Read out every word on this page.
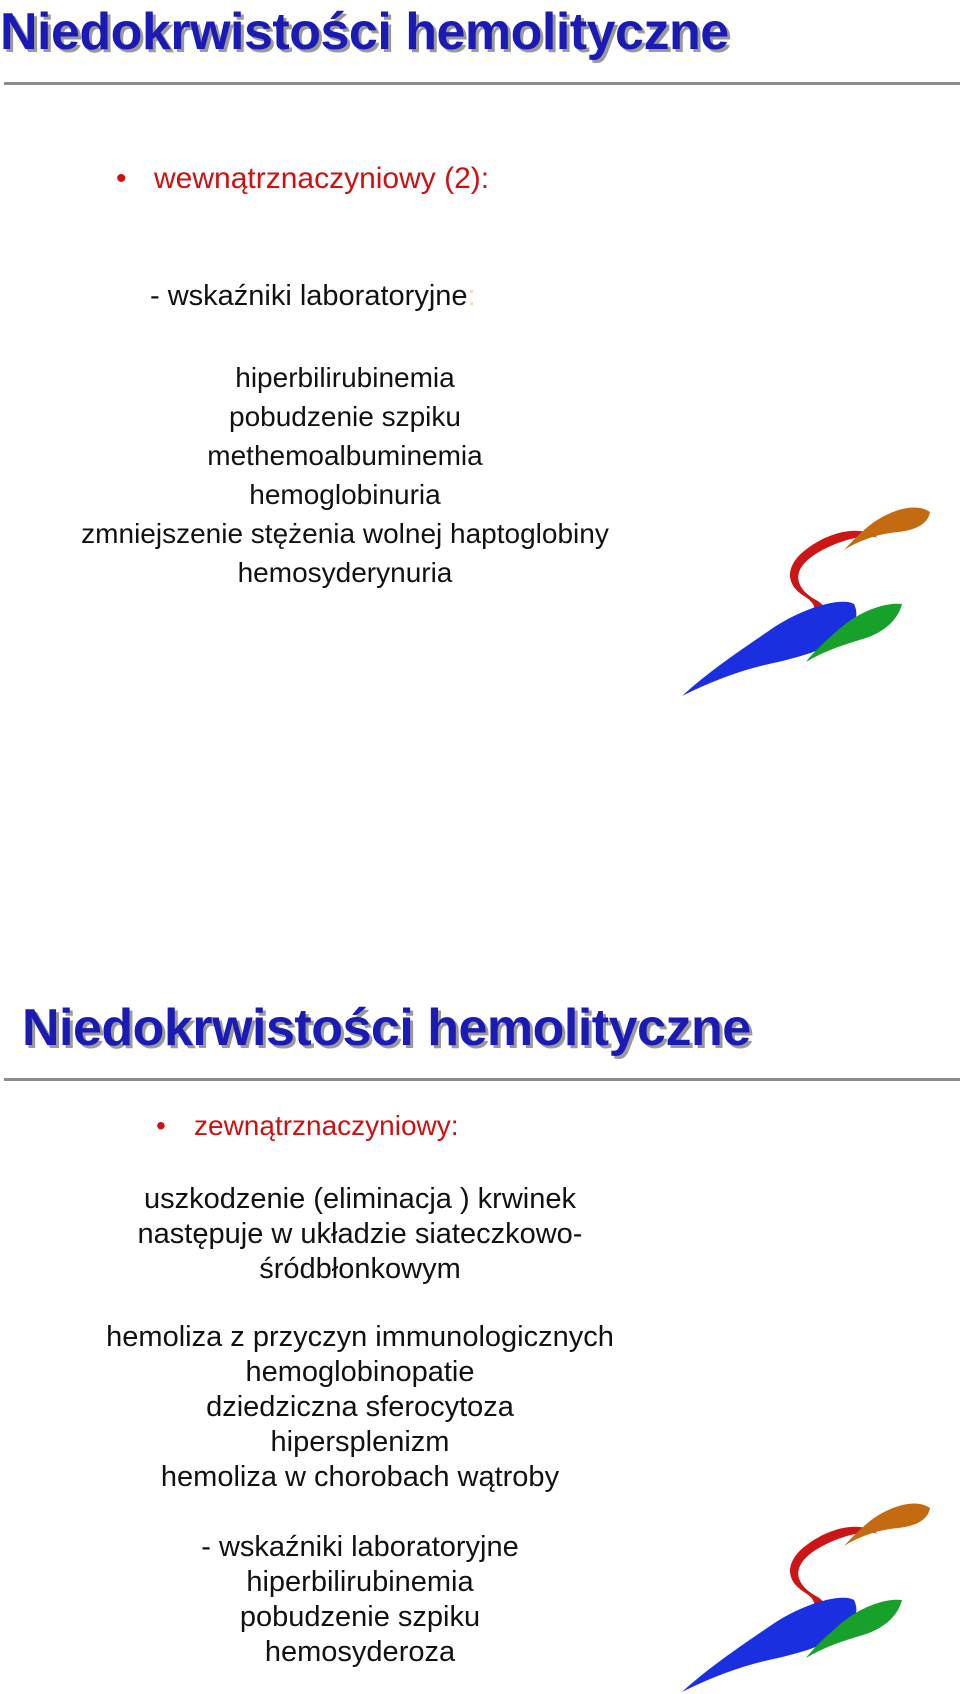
Niedokrwistości hemolityczne
• wewnątrznaczyniowy (2):
- wskaźniki laboratoryjne:
hiperbilirubinemia
pobudzenie szpiku
methemoalbuminemia
hemoglobinuria
zmniejszenie stężenia wolnej haptoglobiny
hemosyderynuria
Niedokrwistości hemolityczne
• zewnątrznaczyniowy:
uszkodzenie (eliminacja ) krwinek
następuje w układzie siateczkowo-
śródbłonkowym
hemoliza z przyczyn immunologicznych
hemoglobinopatie
dziedziczna sferocytoza
hipersplenizm
hemoliza w chorobach wątroby
- wskaźniki laboratoryjne
hiperbilirubinemia
pobudzenie szpiku
hemosyderoza
